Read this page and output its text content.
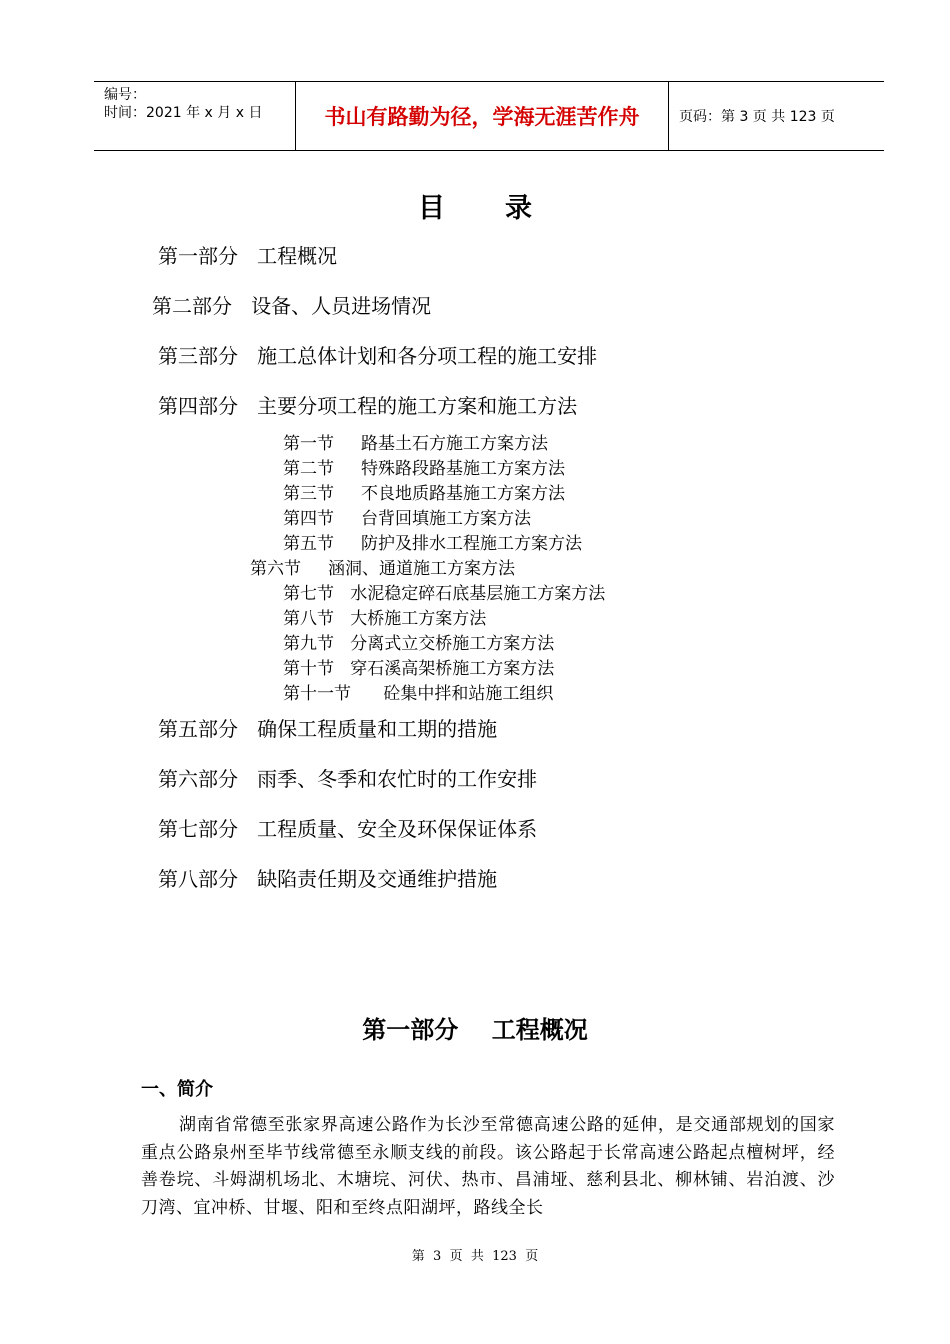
编号：
时间：2021 年 x 月 x 日	书山有路勤为径，学海无涯苦作舟	页码：第 3 页 共 123 页
目录
第一部分   工程概况
第二部分   设备、人员进场情况
第三部分   施工总体计划和各分项工程的施工安排
第四部分   主要分项工程的施工方案和施工方法
第一节     路基土石方施工方案方法
第二节     特殊路段路基施工方案方法
第三节     不良地质路基施工方案方法
第四节     台背回填施工方案方法
第五节     防护及排水工程施工方案方法
第六节     涵洞、通道施工方案方法
第七节   水泥稳定碎石底基层施工方案方法
第八节   大桥施工方案方法
第九节   分离式立交桥施工方案方法
第十节   穿石溪高架桥施工方案方法
第十一节      砼集中拌和站施工组织
第五部分   确保工程质量和工期的措施
第六部分   雨季、冬季和农忙时的工作安排
第七部分   工程质量、安全及环保保证体系
第八部分   缺陷责任期及交通维护措施
第一部分    工程概况
一、简介
湖南省常德至张家界高速公路作为长沙至常德高速公路的延伸，是交通部规划的国家重点公路泉州至毕节线常德至永顺支线的前段。该公路起于长常高速公路起点檀树坪，经善卷垸、斗姆湖机场北、木塘垸、河伏、热市、昌浦垭、慈利县北、柳林铺、岩泊渡、沙刀湾、宜冲桥、甘堰、阳和至终点阳湖坪，路线全长
第  3  页  共  123  页
